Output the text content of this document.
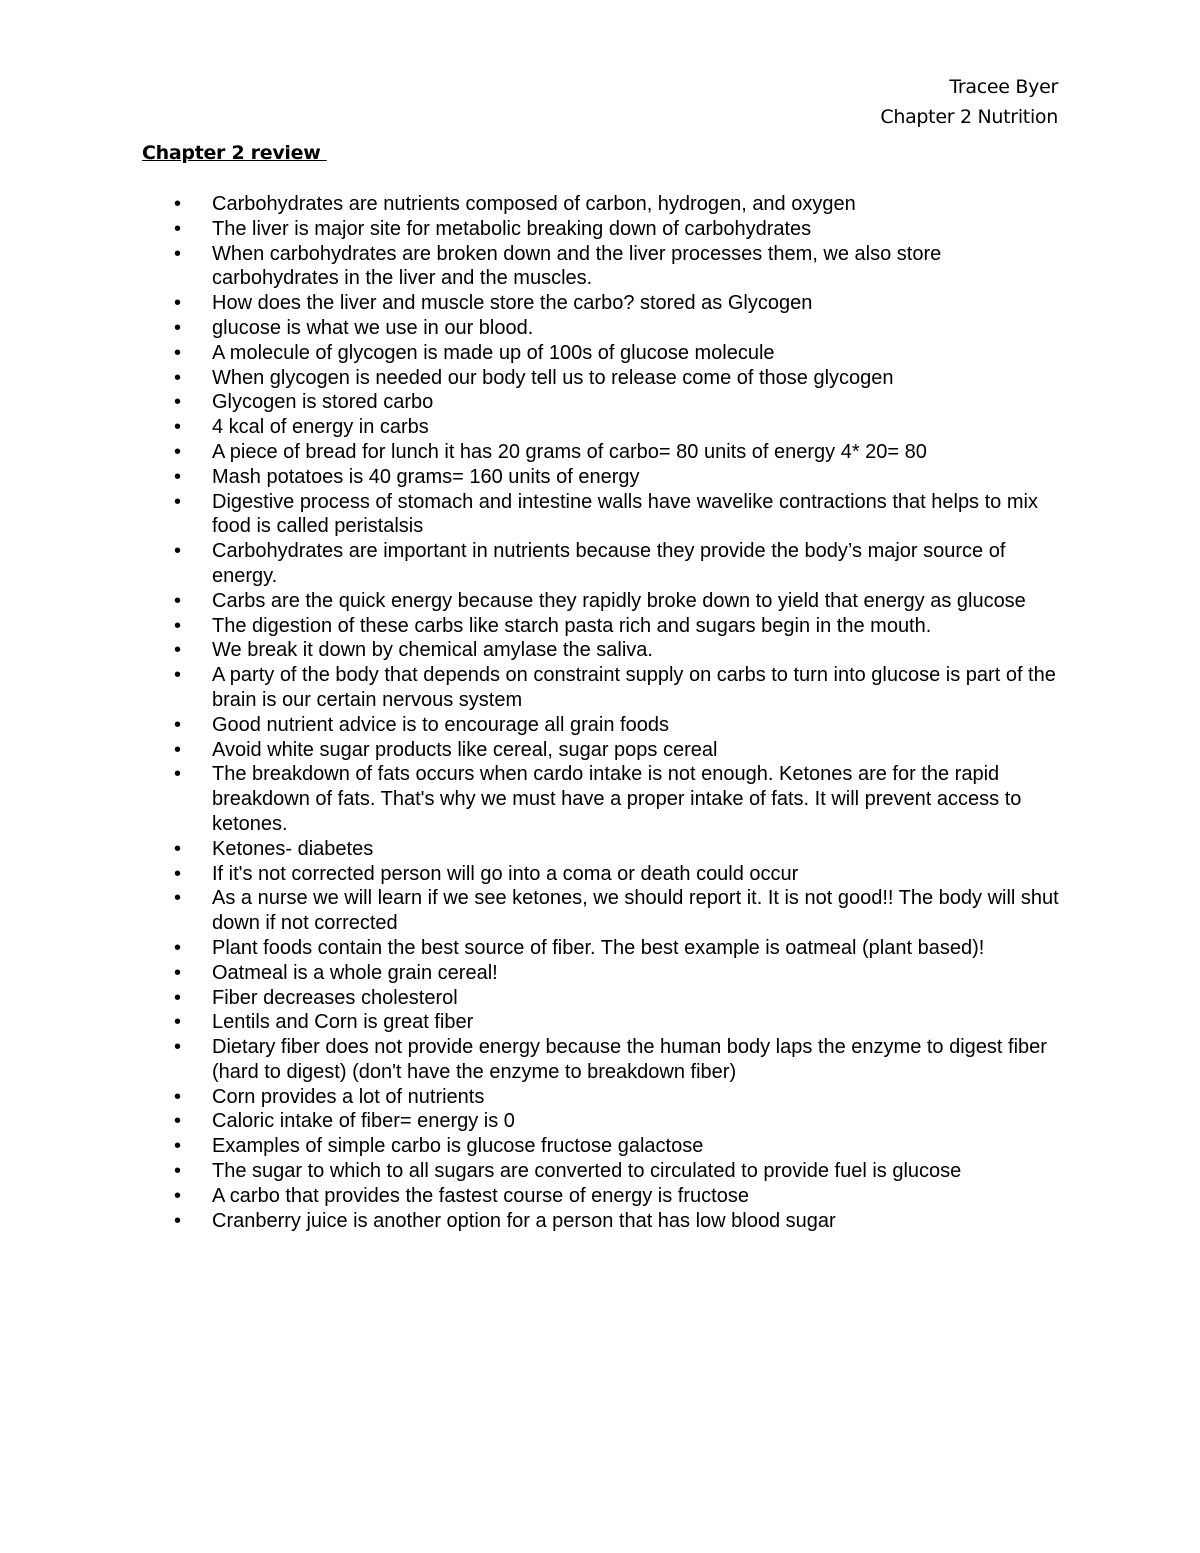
Tracee Byer
Chapter 2 Nutrition
Chapter 2 review
• Carbohydrates are nutrients composed of carbon, hydrogen, and oxygen
• The liver is major site for metabolic breaking down of carbohydrates
• When carbohydrates are broken down and the liver processes them, we also store carbohydrates in the liver and the muscles.
• How does the liver and muscle store the carbo? stored as Glycogen
• glucose is what we use in our blood.
• A molecule of glycogen is made up of 100s of glucose molecule
• When glycogen is needed our body tell us to release come of those glycogen
• Glycogen is stored carbo
• 4 kcal of energy in carbs
• A piece of bread for lunch it has 20 grams of carbo= 80 units of energy 4* 20= 80
• Mash potatoes is 40 grams= 160 units of energy
• Digestive process of stomach and intestine walls have wavelike contractions that helps to mix food is called peristalsis
• Carbohydrates are important in nutrients because they provide the body’s major source of energy.
• Carbs are the quick energy because they rapidly broke down to yield that energy as glucose
• The digestion of these carbs like starch pasta rich and sugars begin in the mouth.
• We break it down by chemical amylase the saliva.
• A party of the body that depends on constraint supply on carbs to turn into glucose is part of the brain is our certain nervous system
• Good nutrient advice is to encourage all grain foods
• Avoid white sugar products like cereal, sugar pops cereal
• The breakdown of fats occurs when cardo intake is not enough. Ketones are for the rapid breakdown of fats. That's why we must have a proper intake of fats. It will prevent access to ketones.
• Ketones- diabetes
• If it's not corrected person will go into a coma or death could occur
• As a nurse we will learn if we see ketones, we should report it. It is not good!! The body will shut down if not corrected
• Plant foods contain the best source of fiber. The best example is oatmeal (plant based)!
• Oatmeal is a whole grain cereal!
• Fiber decreases cholesterol
• Lentils and Corn is great fiber
• Dietary fiber does not provide energy because the human body laps the enzyme to digest fiber (hard to digest) (don't have the enzyme to breakdown fiber)
• Corn provides a lot of nutrients
• Caloric intake of fiber= energy is 0
• Examples of simple carbo is glucose fructose galactose
• The sugar to which to all sugars are converted to circulated to provide fuel is glucose
• A carbo that provides the fastest course of energy is fructose
• Cranberry juice is another option for a person that has low blood sugar
